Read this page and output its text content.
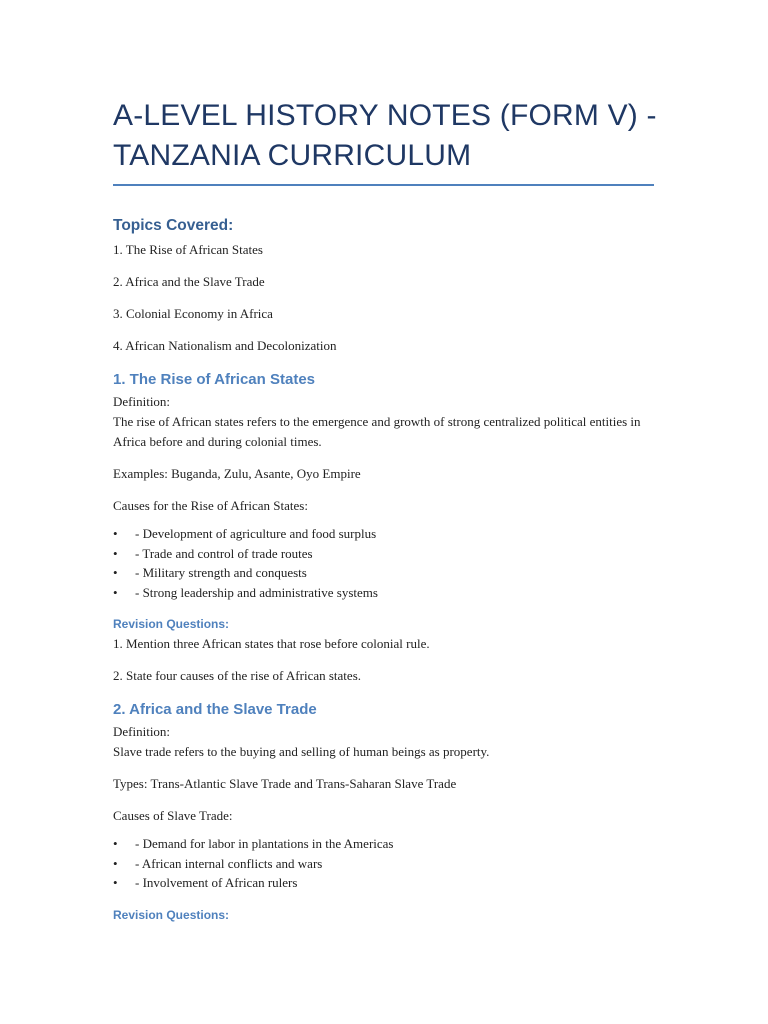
A-LEVEL HISTORY NOTES (FORM V) -
TANZANIA CURRICULUM
Topics Covered:

1. The Rise of African States

2. Africa and the Slave Trade

3. Colonial Economy in Africa

4. African Nationalism and Decolonization

1. The Rise of African States

Definition:

The rise of African states refers to the emergence and growth of strong centralized political entities in Africa before and during colonial times.

Examples: Buganda, Zulu, Asante, Oyo Empire

Causes for the Rise of African States:

• - Development of agriculture and food surplus
• - Trade and control of trade routes
• - Military strength and conquests
• - Strong leadership and administrative systems
Revision Questions:

1. Mention three African states that rose before colonial rule.

2. State four causes of the rise of African states.

2. Africa and the Slave Trade

Definition:

Slave trade refers to the buying and selling of human beings as property.

Types: Trans-Atlantic Slave Trade and Trans-Saharan Slave Trade

Causes of Slave Trade:

• - Demand for labor in plantations in the Americas
• - African internal conflicts and wars
• - Involvement of African rulers
Revision Questions:
